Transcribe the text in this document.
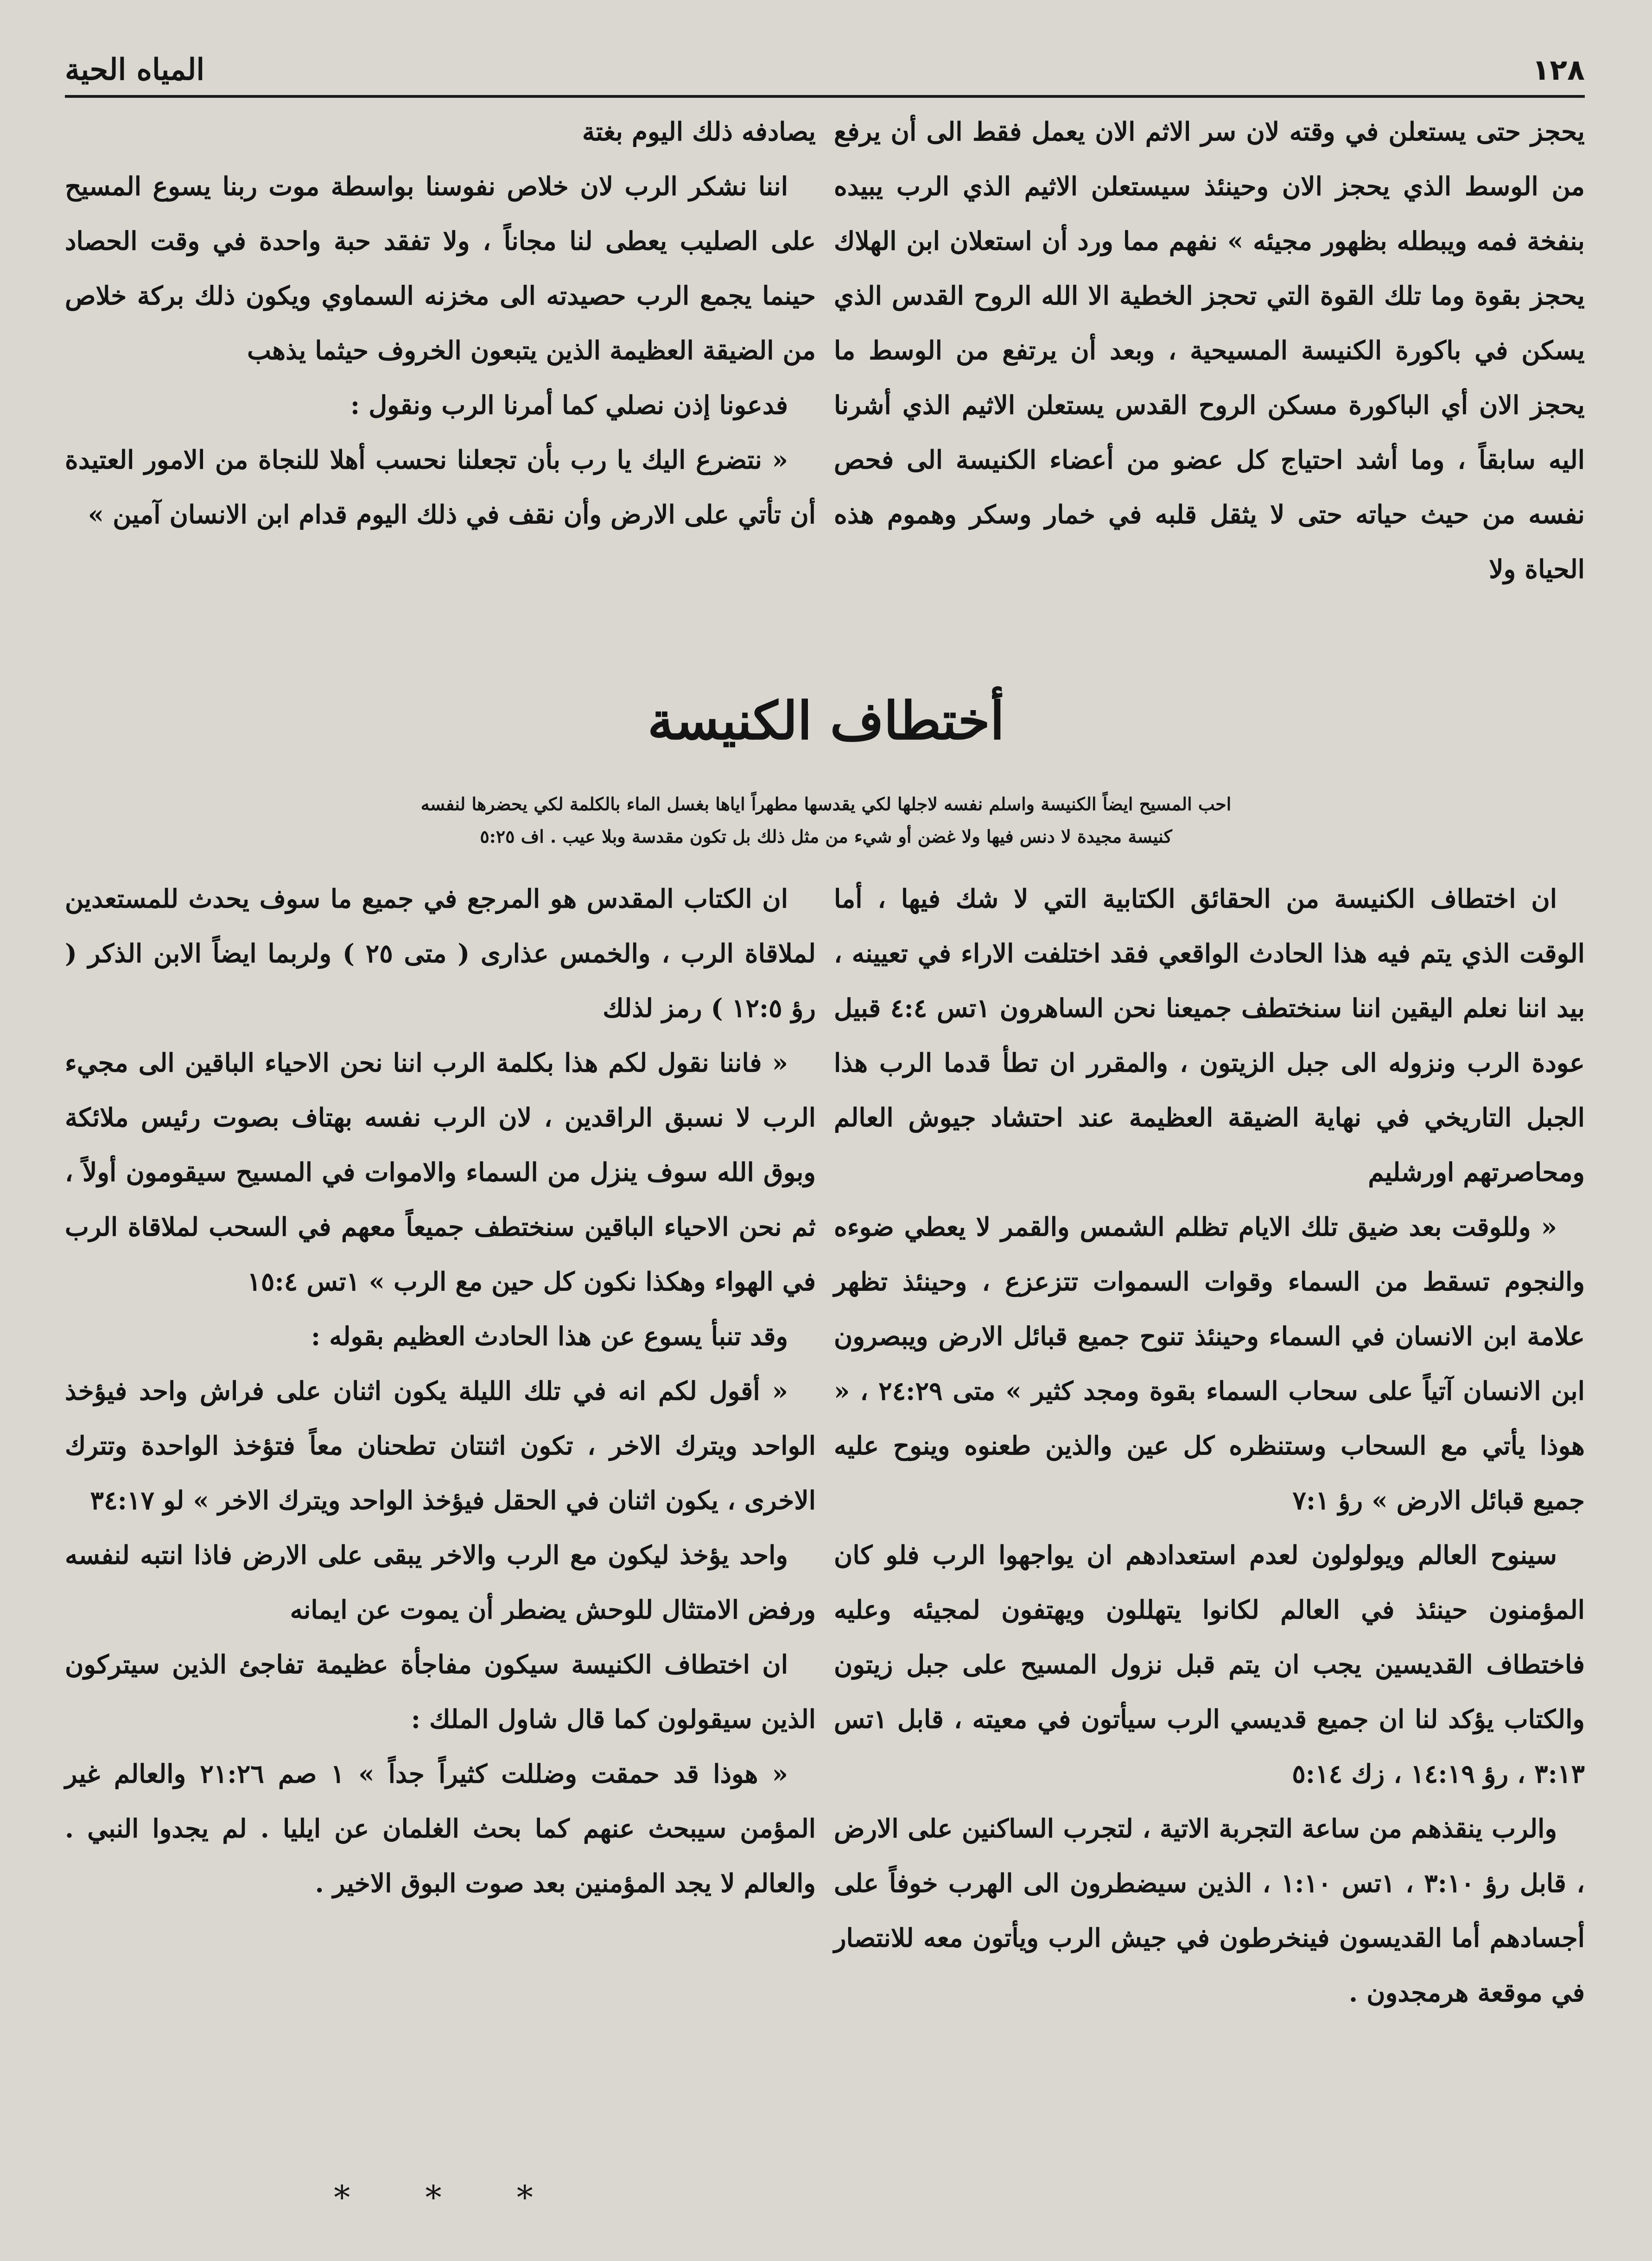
١٢٨
المياه الحية

يحجز حتى يستعلن في وقته لان سر الاثم الان يعمل فقط الى أن يرفع من الوسط الذي يحجز الان وحينئذ سيستعلن الاثيم الذي الرب يبيده بنفخة فمه ويبطله بظهور مجيئه » نفهم مما ورد أن استعلان ابن الهلاك يحجز بقوة وما تلك القوة التي تحجز الخطية الا الله الروح القدس الذي يسكن في باكورة الكنيسة المسيحية ، وبعد أن يرتفع من الوسط ما يحجز الان أي الباكورة مسكن الروح القدس يستعلن الاثيم الذي أشرنا اليه سابقاً ، وما أشد احتياج كل عضو من أعضاء الكنيسة الى فحص نفسه من حيث حياته حتى لا يثقل قلبه في خمار وسكر وهموم هذه الحياة ولا

يصادفه ذلك اليوم بغتة

اننا نشكر الرب لان خلاص نفوسنا بواسطة موت ربنا يسوع المسيح على الصليب يعطى لنا مجاناً ، ولا تفقد حبة واحدة في وقت الحصاد حينما يجمع الرب حصيدته الى مخزنه السماوي ويكون ذلك بركة خلاص من الضيقة العظيمة الذين يتبعون الخروف حيثما يذهب

فدعونا إذن نصلي كما أمرنا الرب ونقول :

« نتضرع اليك يا رب بأن تجعلنا نحسب أهلا للنجاة من الامور العتيدة أن تأتي على الارض وأن نقف في ذلك اليوم قدام ابن الانسان آمين »

أختطاف الكنيسة

احب المسيح ايضاً الكنيسة واسلم نفسه لاجلها لكي يقدسها مطهراً اياها بغسل الماء بالكلمة لكي يحضرها لنفسه

كنيسة مجيدة لا دنس فيها ولا غضن أو شيء من مثل ذلك بل تكون مقدسة وبلا عيب . اف ٥:٢٥

ان اختطاف الكنيسة من الحقائق الكتابية التي لا شك فيها ، أما الوقت الذي يتم فيه هذا الحادث الواقعي فقد اختلفت الاراء في تعيينه ، بيد اننا نعلم اليقين اننا سنختطف جميعنا نحن الساهرون ١تس ٤:٤ قبيل عودة الرب ونزوله الى جبل الزيتون ، والمقرر ان تطأ قدما الرب هذا الجبل التاريخي في نهاية الضيقة العظيمة عند احتشاد جيوش العالم ومحاصرتهم اورشليم

« وللوقت بعد ضيق تلك الايام تظلم الشمس والقمر لا يعطي ضوءه والنجوم تسقط من السماء وقوات السموات تتزعزع ، وحينئذ تظهر علامة ابن الانسان في السماء وحينئذ تنوح جميع قبائل الارض ويبصرون ابن الانسان آتياً على سحاب السماء بقوة ومجد كثير » متى ٢٤:٢٩ ، « هوذا يأتي مع السحاب وستنظره كل عين والذين طعنوه وينوح عليه جميع قبائل الارض » رؤ ٧:١

سينوح العالم ويولولون لعدم استعدادهم ان يواجهوا الرب فلو كان المؤمنون حينئذ في العالم لكانوا يتهللون ويهتفون لمجيئه وعليه فاختطاف القديسين يجب ان يتم قبل نزول المسيح على جبل زيتون والكتاب يؤكد لنا ان جميع قديسي الرب سيأتون في معيته ، قابل ١تس ٣:١٣ ، رؤ ١٤:١٩ ، زك ٥:١٤

والرب ينقذهم من ساعة التجربة الاتية ، لتجرب الساكنين على الارض ، قابل رؤ ٣:١٠ ، ١تس ١:١٠ ، الذين سيضطرون الى الهرب خوفاً على أجسادهم أما القديسون فينخرطون في جيش الرب ويأتون معه للانتصار في موقعة هرمجدون .

ان الكتاب المقدس هو المرجع في جميع ما سوف يحدث للمستعدين لملاقاة الرب ، والخمس عذارى ( متى ٢٥ ) ولربما ايضاً الابن الذكر ( رؤ ١٢:٥ ) رمز لذلك

« فاننا نقول لكم هذا بكلمة الرب اننا نحن الاحياء الباقين الى مجيء الرب لا نسبق الراقدين ، لان الرب نفسه بهتاف بصوت رئيس ملائكة وبوق الله سوف ينزل من السماء والاموات في المسيح سيقومون أولاً ، ثم نحن الاحياء الباقين سنختطف جميعاً معهم في السحب لملاقاة الرب في الهواء وهكذا نكون كل حين مع الرب » ١تس ١٥:٤

وقد تنبأ يسوع عن هذا الحادث العظيم بقوله :

« أقول لكم انه في تلك الليلة يكون اثنان على فراش واحد فيؤخذ الواحد ويترك الاخر ، تكون اثنتان تطحنان معاً فتؤخذ الواحدة وتترك الاخرى ، يكون اثنان في الحقل فيؤخذ الواحد ويترك الاخر » لو ٣٤:١٧

واحد يؤخذ ليكون مع الرب والاخر يبقى على الارض فاذا انتبه لنفسه ورفض الامتثال للوحش يضطر أن يموت عن ايمانه

ان اختطاف الكنيسة سيكون مفاجأة عظيمة تفاجئ الذين سيتركون الذين سيقولون كما قال شاول الملك :

« هوذا قد حمقت وضللت كثيراً جداً » ١ صم ٢١:٢٦ والعالم غير المؤمن سيبحث عنهم كما بحث الغلمان عن ايليا . لم يجدوا النبي . والعالم لا يجد المؤمنين بعد صوت البوق الاخير .

* * *
